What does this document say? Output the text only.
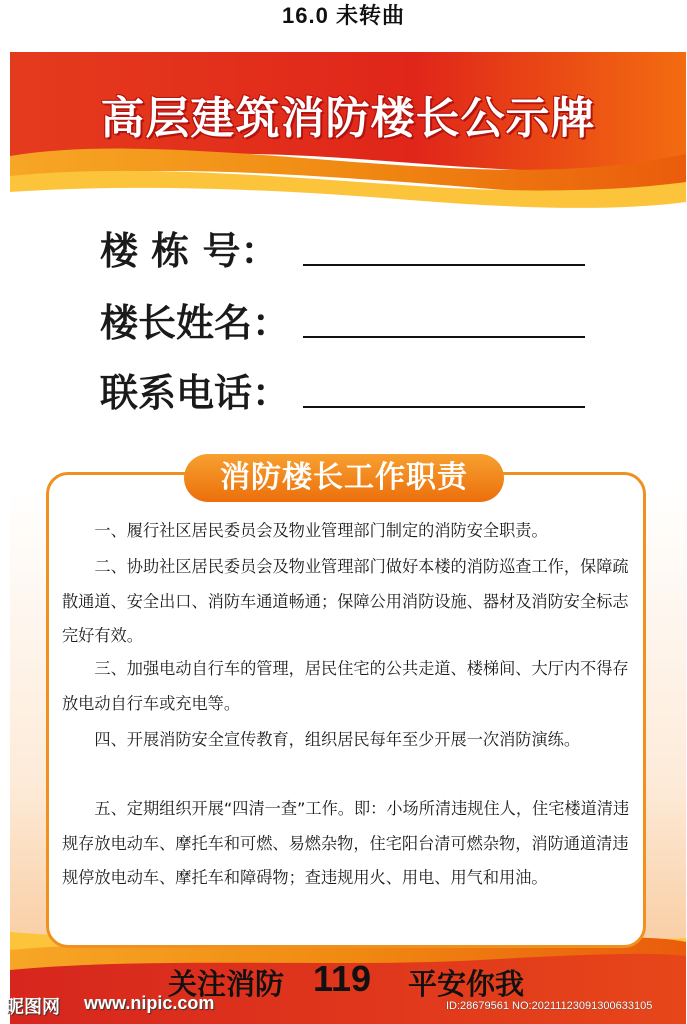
16.0 未转曲
高层建筑消防楼长公示牌
楼 栋 号：
楼长姓名：
联系电话：
消防楼长工作职责
一、履行社区居民委员会及物业管理部门制定的消防安全职责。
二、协助社区居民委员会及物业管理部门做好本楼的消防巡查工作，保障疏散通道、安全出口、消防车通道畅通；保障公用消防设施、器材及消防安全标志完好有效。
三、加强电动自行车的管理，居民住宅的公共走道、楼梯间、大厅内不得存放电动自行车或充电等。
四、开展消防安全宣传教育，组织居民每年至少开展一次消防演练。
五、定期组织开展“四清一查”工作。即：小场所清违规住人，住宅楼道清违规存放电动车、摩托车和可燃、易燃杂物，住宅阳台清可燃杂物，消防通道清违规停放电动车、摩托车和障碍物；查违规用火、用电、用气和用油。
关注消防 119 平安你我
昵图网 www.nipic.com	ID:28679561 NO:20211123091300633105
